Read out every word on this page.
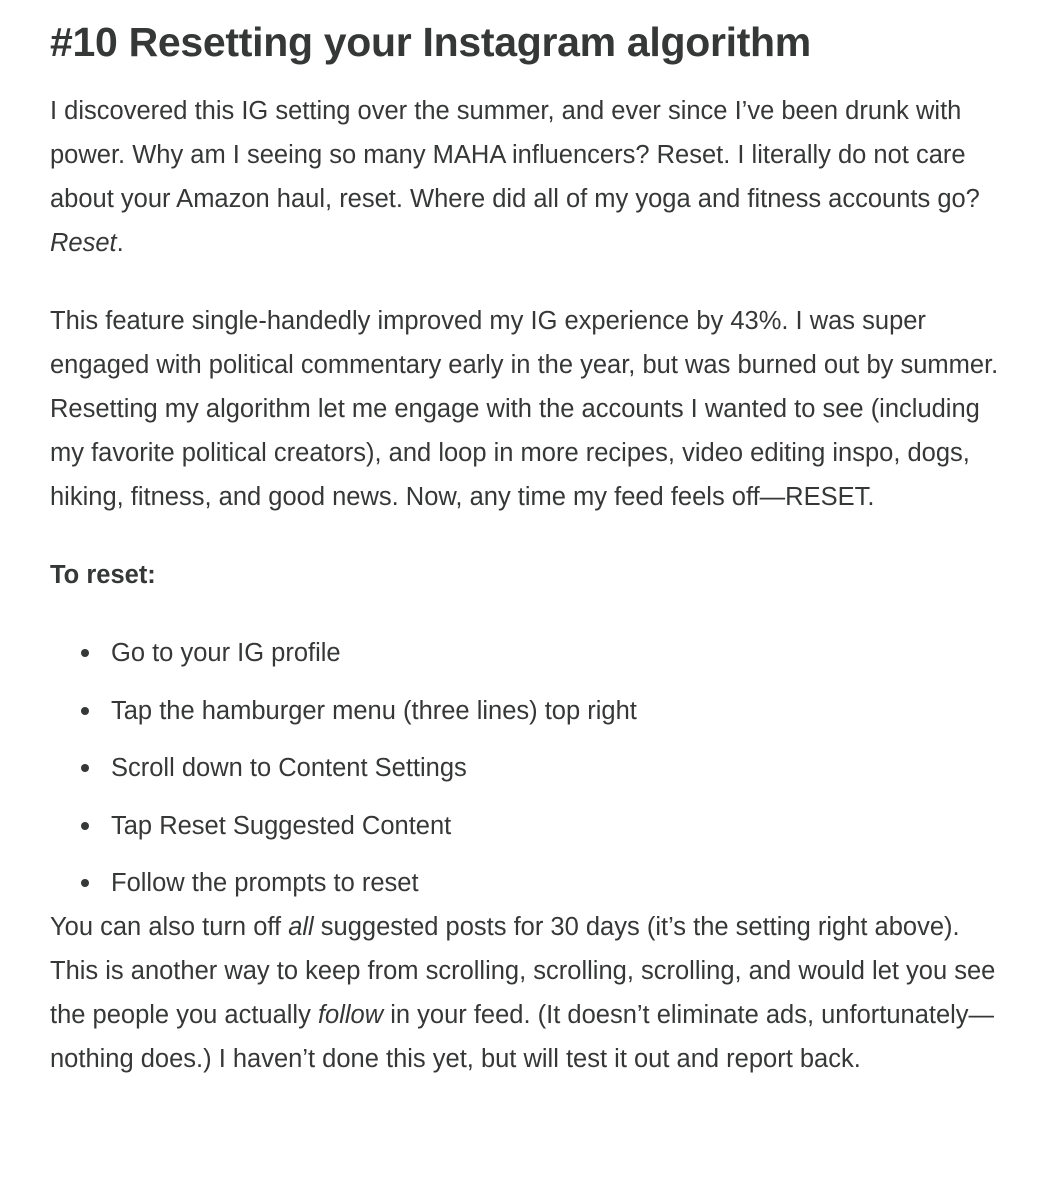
#10 Resetting your Instagram algorithm

I discovered this IG setting over the summer, and ever since I’ve been drunk with power. Why am I seeing so many MAHA influencers? Reset. I literally do not care about your Amazon haul, reset. Where did all of my yoga and fitness accounts go? Reset.

This feature single-handedly improved my IG experience by 43%. I was super engaged with political commentary early in the year, but was burned out by summer. Resetting my algorithm let me engage with the accounts I wanted to see (including my favorite political creators), and loop in more recipes, video editing inspo, dogs, hiking, fitness, and good news. Now, any time my feed feels off—RESET.

To reset:

Go to your IG profile
Tap the hamburger menu (three lines) top right
Scroll down to Content Settings
Tap Reset Suggested Content
Follow the prompts to reset

You can also turn off all suggested posts for 30 days (it’s the setting right above). This is another way to keep from scrolling, scrolling, scrolling, and would let you see the people you actually follow in your feed. (It doesn’t eliminate ads, unfortunately—nothing does.) I haven’t done this yet, but will test it out and report back.
